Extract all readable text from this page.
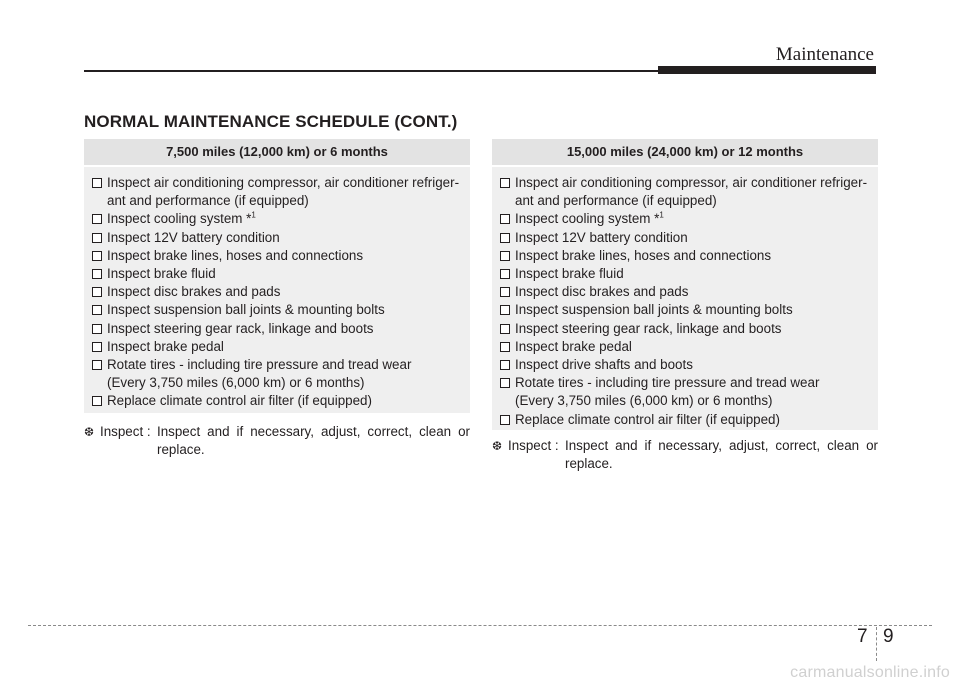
Maintenance
NORMAL MAINTENANCE SCHEDULE (CONT.)
7,500 miles (12,000 km) or 6 months
Inspect air conditioning compressor, air conditioner refriger-
ant and performance (if equipped)
Inspect cooling system *$^1$
Inspect 12V battery condition
Inspect brake lines, hoses and connections
Inspect brake fluid
Inspect disc brakes and pads
Inspect suspension ball joints & mounting bolts
Inspect steering gear rack, linkage and boots
Inspect brake pedal
Rotate tires - including tire pressure and tread wear
(Every 3,750 miles (6,000 km) or 6 months)
Replace climate control air filter (if equipped)
❆ Inspect : Inspect and if necessary, adjust, correct, clean or
replace.
15,000 miles (24,000 km) or 12 months
Inspect air conditioning compressor, air conditioner refriger-
ant and performance (if equipped)
Inspect cooling system *$^1$
Inspect 12V battery condition
Inspect brake lines, hoses and connections
Inspect brake fluid
Inspect disc brakes and pads
Inspect suspension ball joints & mounting bolts
Inspect steering gear rack, linkage and boots
Inspect brake pedal
Inspect drive shafts and boots
Rotate tires - including tire pressure and tread wear
(Every 3,750 miles (6,000 km) or 6 months)
Replace climate control air filter (if equipped)
❆ Inspect : Inspect and if necessary, adjust, correct, clean or
replace.
7 9
carmanualsonline.info
